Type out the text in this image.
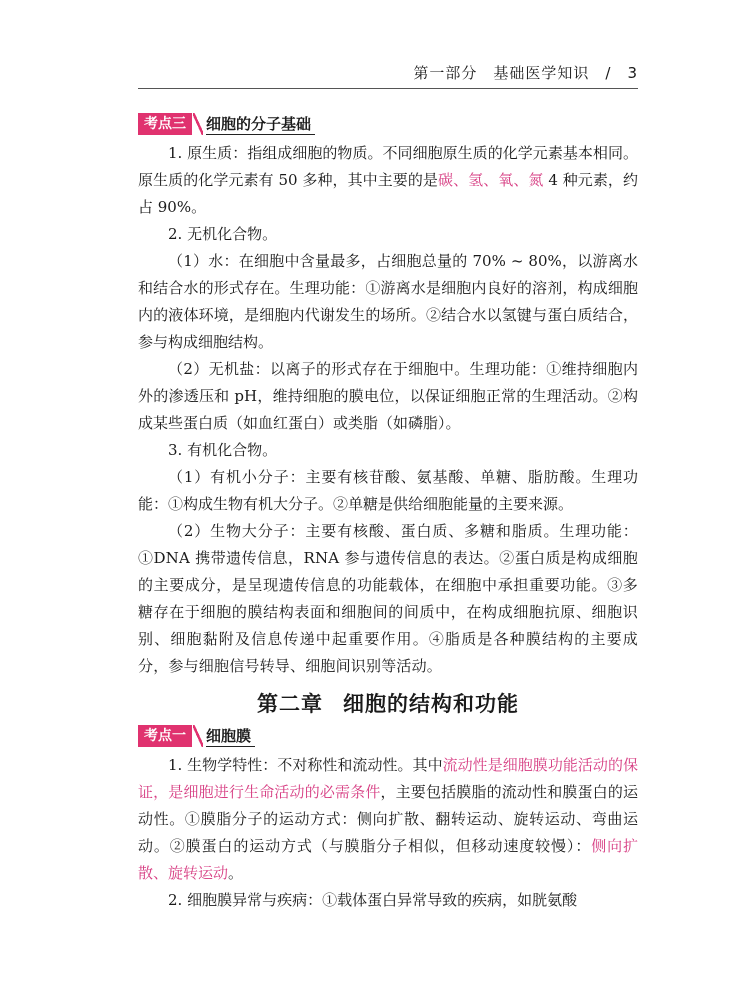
第一部分　基础医学知识　/　3
考点三	细胞的分子基础

1. 原生质：指组成细胞的物质。不同细胞原生质的化学元素基本相同。原生质的化学元素有 50 多种，其中主要的是碳、氢、氧、氮 4 种元素，约占 90%。

2. 无机化合物。

（1）水：在细胞中含量最多，占细胞总量的 70% ~ 80%，以游离水和结合水的形式存在。生理功能：①游离水是细胞内良好的溶剂，构成细胞内的液体环境，是细胞内代谢发生的场所。②结合水以氢键与蛋白质结合，参与构成细胞结构。

（2）无机盐：以离子的形式存在于细胞中。生理功能：①维持细胞内外的渗透压和 pH，维持细胞的膜电位，以保证细胞正常的生理活动。②构成某些蛋白质（如血红蛋白）或类脂（如磷脂）。

3. 有机化合物。

（1）有机小分子：主要有核苷酸、氨基酸、单糖、脂肪酸。生理功能：①构成生物有机大分子。②单糖是供给细胞能量的主要来源。

（2）生物大分子：主要有核酸、蛋白质、多糖和脂质。生理功能：①DNA 携带遗传信息，RNA 参与遗传信息的表达。②蛋白质是构成细胞的主要成分，是呈现遗传信息的功能载体，在细胞中承担重要功能。③多糖存在于细胞的膜结构表面和细胞间的间质中，在构成细胞抗原、细胞识别、细胞黏附及信息传递中起重要作用。④脂质是各种膜结构的主要成分，参与细胞信号转导、细胞间识别等活动。

第二章 细胞的结构和功能
考点一	细胞膜

1. 生物学特性：不对称性和流动性。其中流动性是细胞膜功能活动的保证，是细胞进行生命活动的必需条件，主要包括膜脂的流动性和膜蛋白的运动性。①膜脂分子的运动方式：侧向扩散、翻转运动、旋转运动、弯曲运动。②膜蛋白的运动方式（与膜脂分子相似，但移动速度较慢）：侧向扩散、旋转运动。

2. 细胞膜异常与疾病：①载体蛋白异常导致的疾病，如胱氨酸
